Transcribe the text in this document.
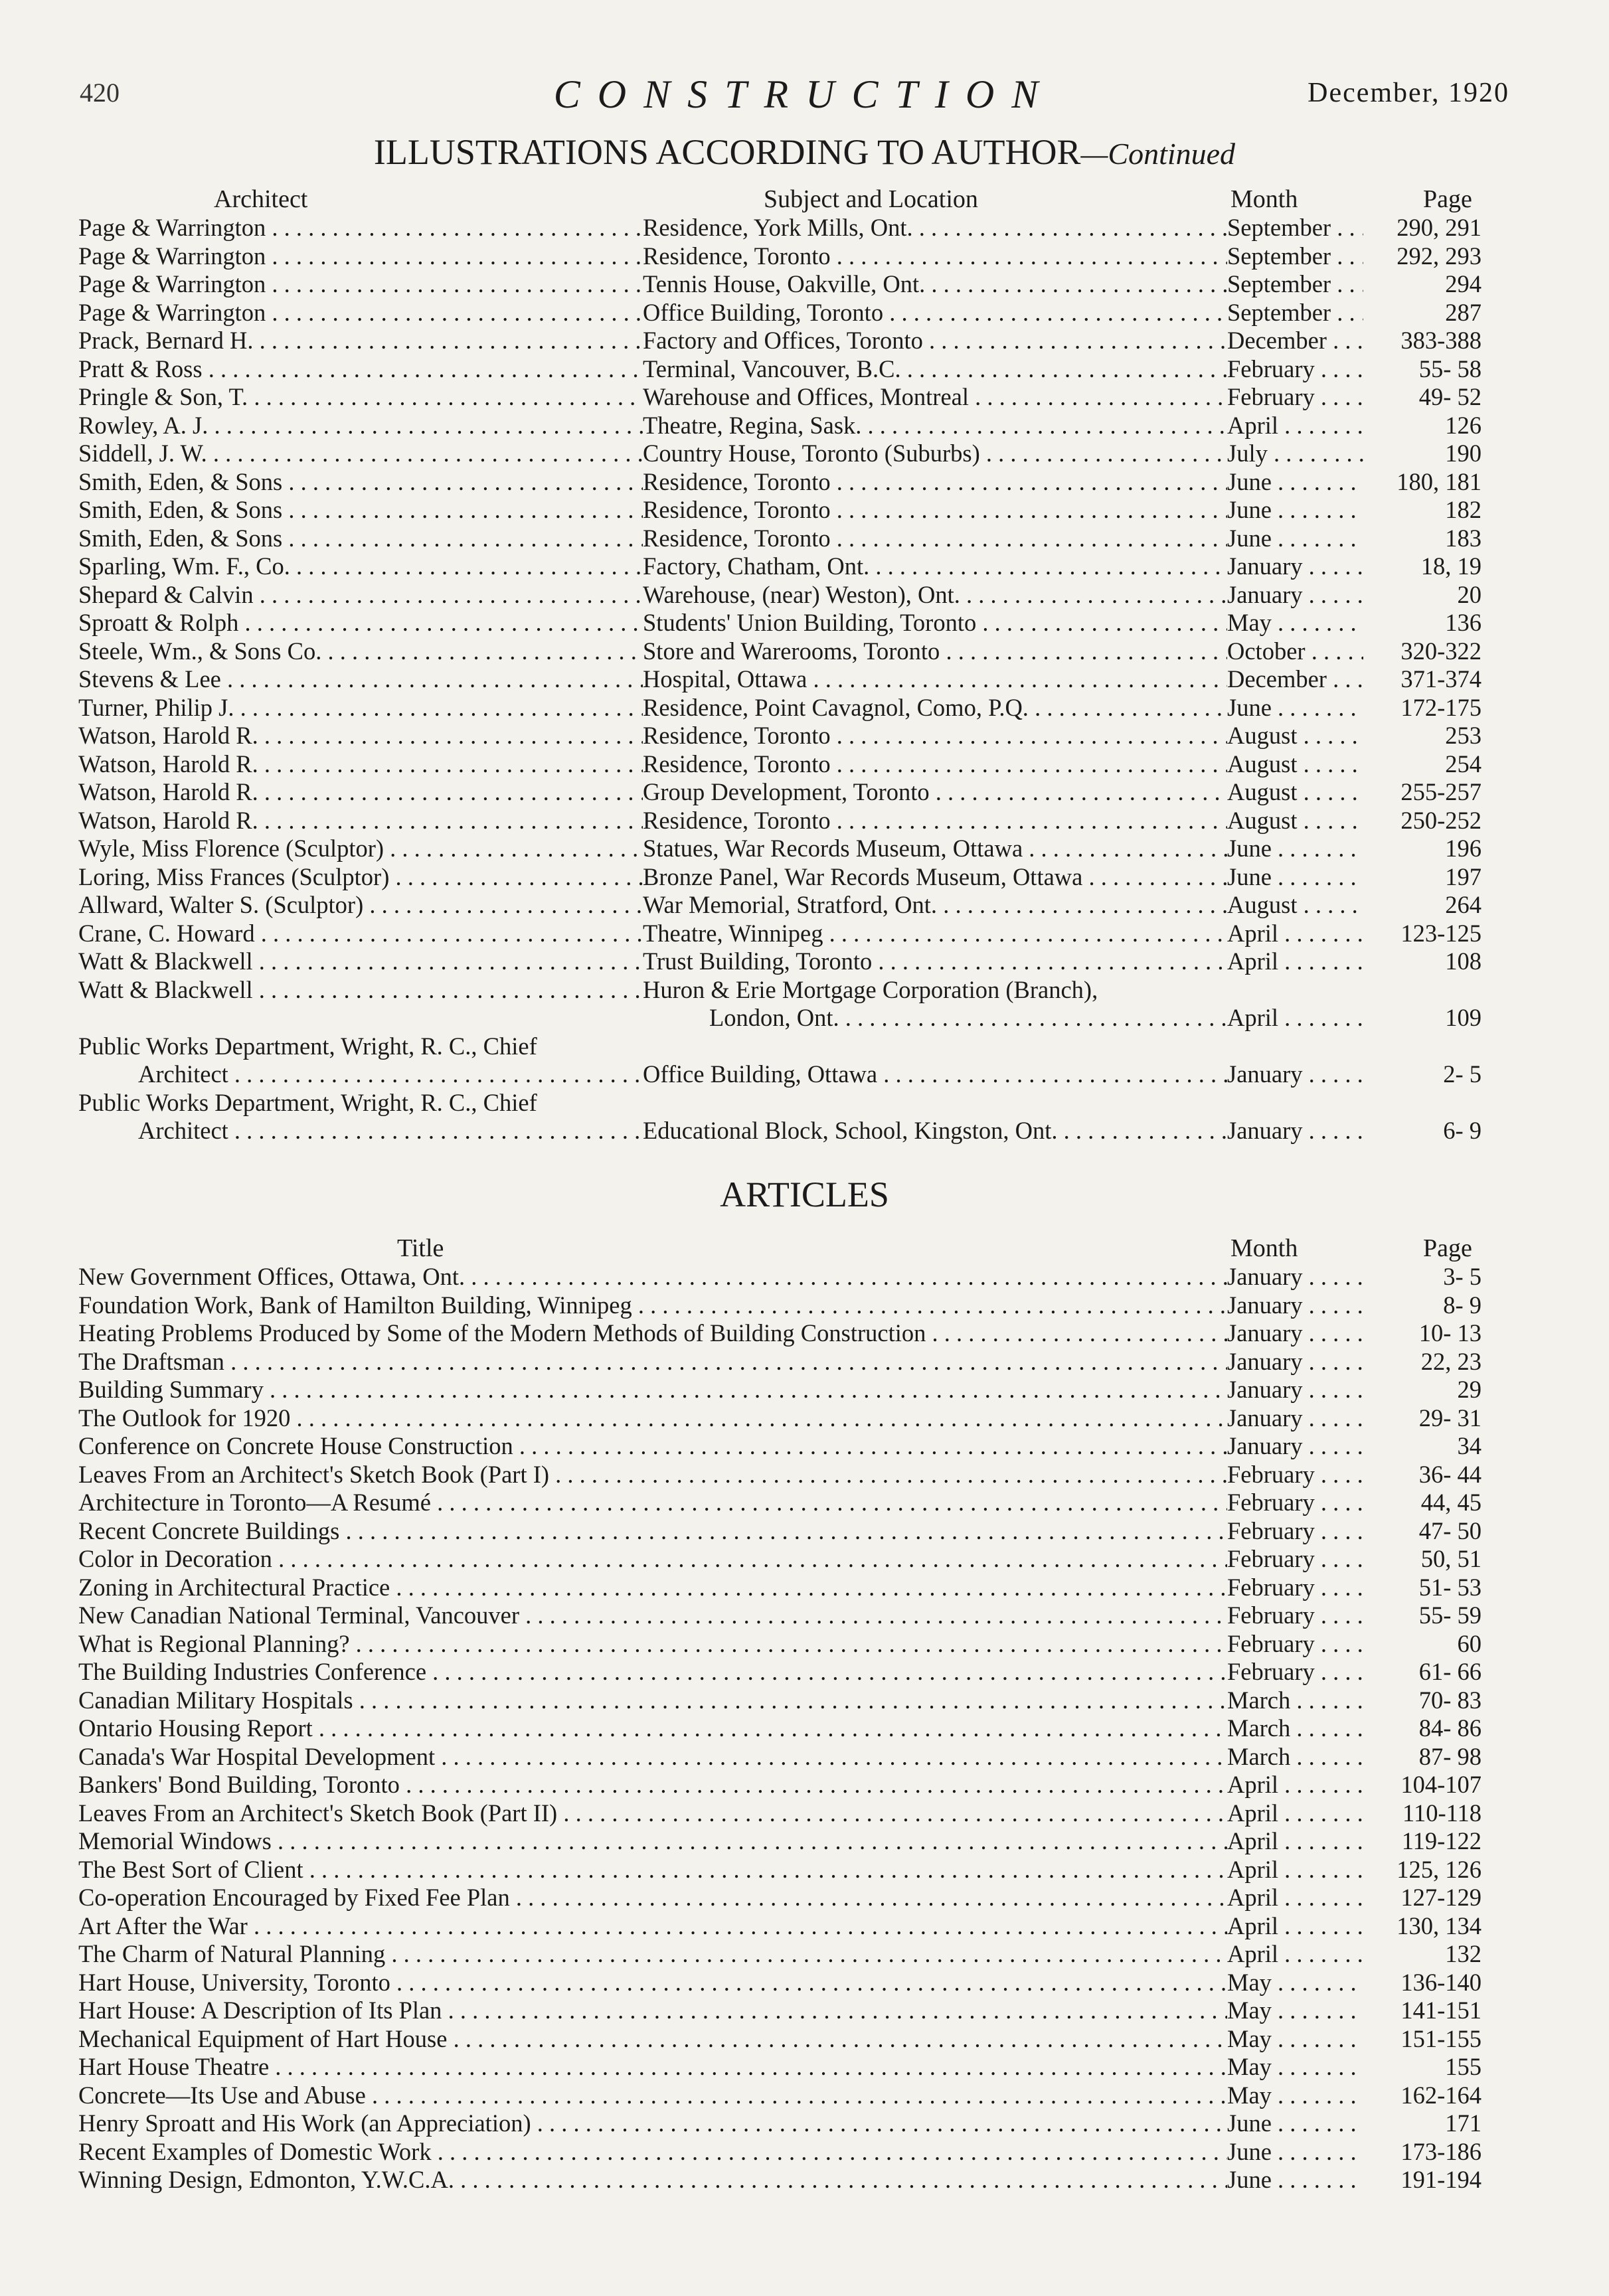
420	CONSTRUCTION	December, 1920
ILLUSTRATIONS ACCORDING TO AUTHOR—Continued
Architect	Subject and Location	Month	Page
Page & Warrington . . .	Residence, York Mills, Ont. . . .	September . . .	290, 291
Page & Warrington . . .	Residence, Toronto . . .	September . . .	292, 293
Page & Warrington . . .	Tennis House, Oakville, Ont. . . .	September . . .	294
Page & Warrington . . .	Office Building, Toronto . . .	September . . .	287
Prack, Bernard H. . . .	Factory and Offices, Toronto . . .	December . . .	383-388
Pratt & Ross . . .	Terminal, Vancouver, B.C. . . .	February . . .	55- 58
Pringle & Son, T. . . .	Warehouse and Offices, Montreal . . .	February . . .	49- 52
Rowley, A. J. . . .	Theatre, Regina, Sask. . . .	April . . .	126
Siddell, J. W. . . .	Country House, Toronto (Suburbs) . . .	July . . .	190
Smith, Eden, & Sons . . .	Residence, Toronto . . .	June . . .	180, 181
Smith, Eden, & Sons . . .	Residence, Toronto . . .	June . . .	182
Smith, Eden, & Sons . . .	Residence, Toronto . . .	June . . .	183
Sparling, Wm. F., Co. . . .	Factory, Chatham, Ont. . . .	January . . .	18, 19
Shepard & Calvin . . .	Warehouse, (near) Weston), Ont. . . .	January . . .	20
Sproatt & Rolph . . .	Students' Union Building, Toronto . . .	May . . .	136
Steele, Wm., & Sons Co. . . .	Store and Warerooms, Toronto . . .	October . . .	320-322
Stevens & Lee . . .	Hospital, Ottawa . . .	December . . .	371-374
Turner, Philip J. . . .	Residence, Point Cavagnol, Como, P.Q. . . .	June . . .	172-175
Watson, Harold R. . . .	Residence, Toronto . . .	August . . .	253
Watson, Harold R. . . .	Residence, Toronto . . .	August . . .	254
Watson, Harold R. . . .	Group Development, Toronto . . .	August . . .	255-257
Watson, Harold R. . . .	Residence, Toronto . . .	August . . .	250-252
Wyle, Miss Florence (Sculptor) . . .	Statues, War Records Museum, Ottawa . . .	June . . .	196
Loring, Miss Frances (Sculptor) . . .	Bronze Panel, War Records Museum, Ottawa . . .	June . . .	197
Allward, Walter S. (Sculptor) . . .	War Memorial, Stratford, Ont. . . .	August . . .	264
Crane, C. Howard . . .	Theatre, Winnipeg . . .	April . . .	123-125
Watt & Blackwell . . .	Trust Building, Toronto . . .	April . . .	108
Watt & Blackwell . . .	Huron & Erie Mortgage Corporation (Branch),
London, Ont. . . .	April . . .	109
Public Works Department, Wright, R. C., Chief
Architect . . .	Office Building, Ottawa . . .	January . . .	2- 5
Public Works Department, Wright, R. C., Chief
Architect . . .	Educational Block, School, Kingston, Ont. . . .	January . . .	6- 9
ARTICLES
Title	Month	Page
New Government Offices, Ottawa, Ont. . . .	January . . .	3- 5
Foundation Work, Bank of Hamilton Building, Winnipeg . . .	January . . .	8- 9
Heating Problems Produced by Some of the Modern Methods of Building Construction . . .	January . . .	10- 13
The Draftsman . . .	January . . .	22, 23
Building Summary . . .	January . . .	29
The Outlook for 1920 . . .	January . . .	29- 31
Conference on Concrete House Construction . . .	January . . .	34
Leaves From an Architect's Sketch Book (Part I) . . .	February . . .	36- 44
Architecture in Toronto—A Resumé . . .	February . . .	44, 45
Recent Concrete Buildings . . .	February . . .	47- 50
Color in Decoration . . .	February . . .	50, 51
Zoning in Architectural Practice . . .	February . . .	51- 53
New Canadian National Terminal, Vancouver . . .	February . . .	55- 59
What is Regional Planning? . . .	February . . .	60
The Building Industries Conference . . .	February . . .	61- 66
Canadian Military Hospitals . . .	March . . .	70- 83
Ontario Housing Report . . .	March . . .	84- 86
Canada's War Hospital Development . . .	March . . .	87- 98
Bankers' Bond Building, Toronto . . .	April . . .	104-107
Leaves From an Architect's Sketch Book (Part II) . . .	April . . .	110-118
Memorial Windows . . .	April . . .	119-122
The Best Sort of Client . . .	April . . .	125, 126
Co-operation Encouraged by Fixed Fee Plan . . .	April . . .	127-129
Art After the War . . .	April . . .	130, 134
The Charm of Natural Planning . . .	April . . .	132
Hart House, University, Toronto . . .	May . . .	136-140
Hart House: A Description of Its Plan . . .	May . . .	141-151
Mechanical Equipment of Hart House . . .	May . . .	151-155
Hart House Theatre . . .	May . . .	155
Concrete—Its Use and Abuse . . .	May . . .	162-164
Henry Sproatt and His Work (an Appreciation) . . .	June . . .	171
Recent Examples of Domestic Work . . .	June . . .	173-186
Winning Design, Edmonton, Y.W.C.A. . . .	June . . .	191-194
